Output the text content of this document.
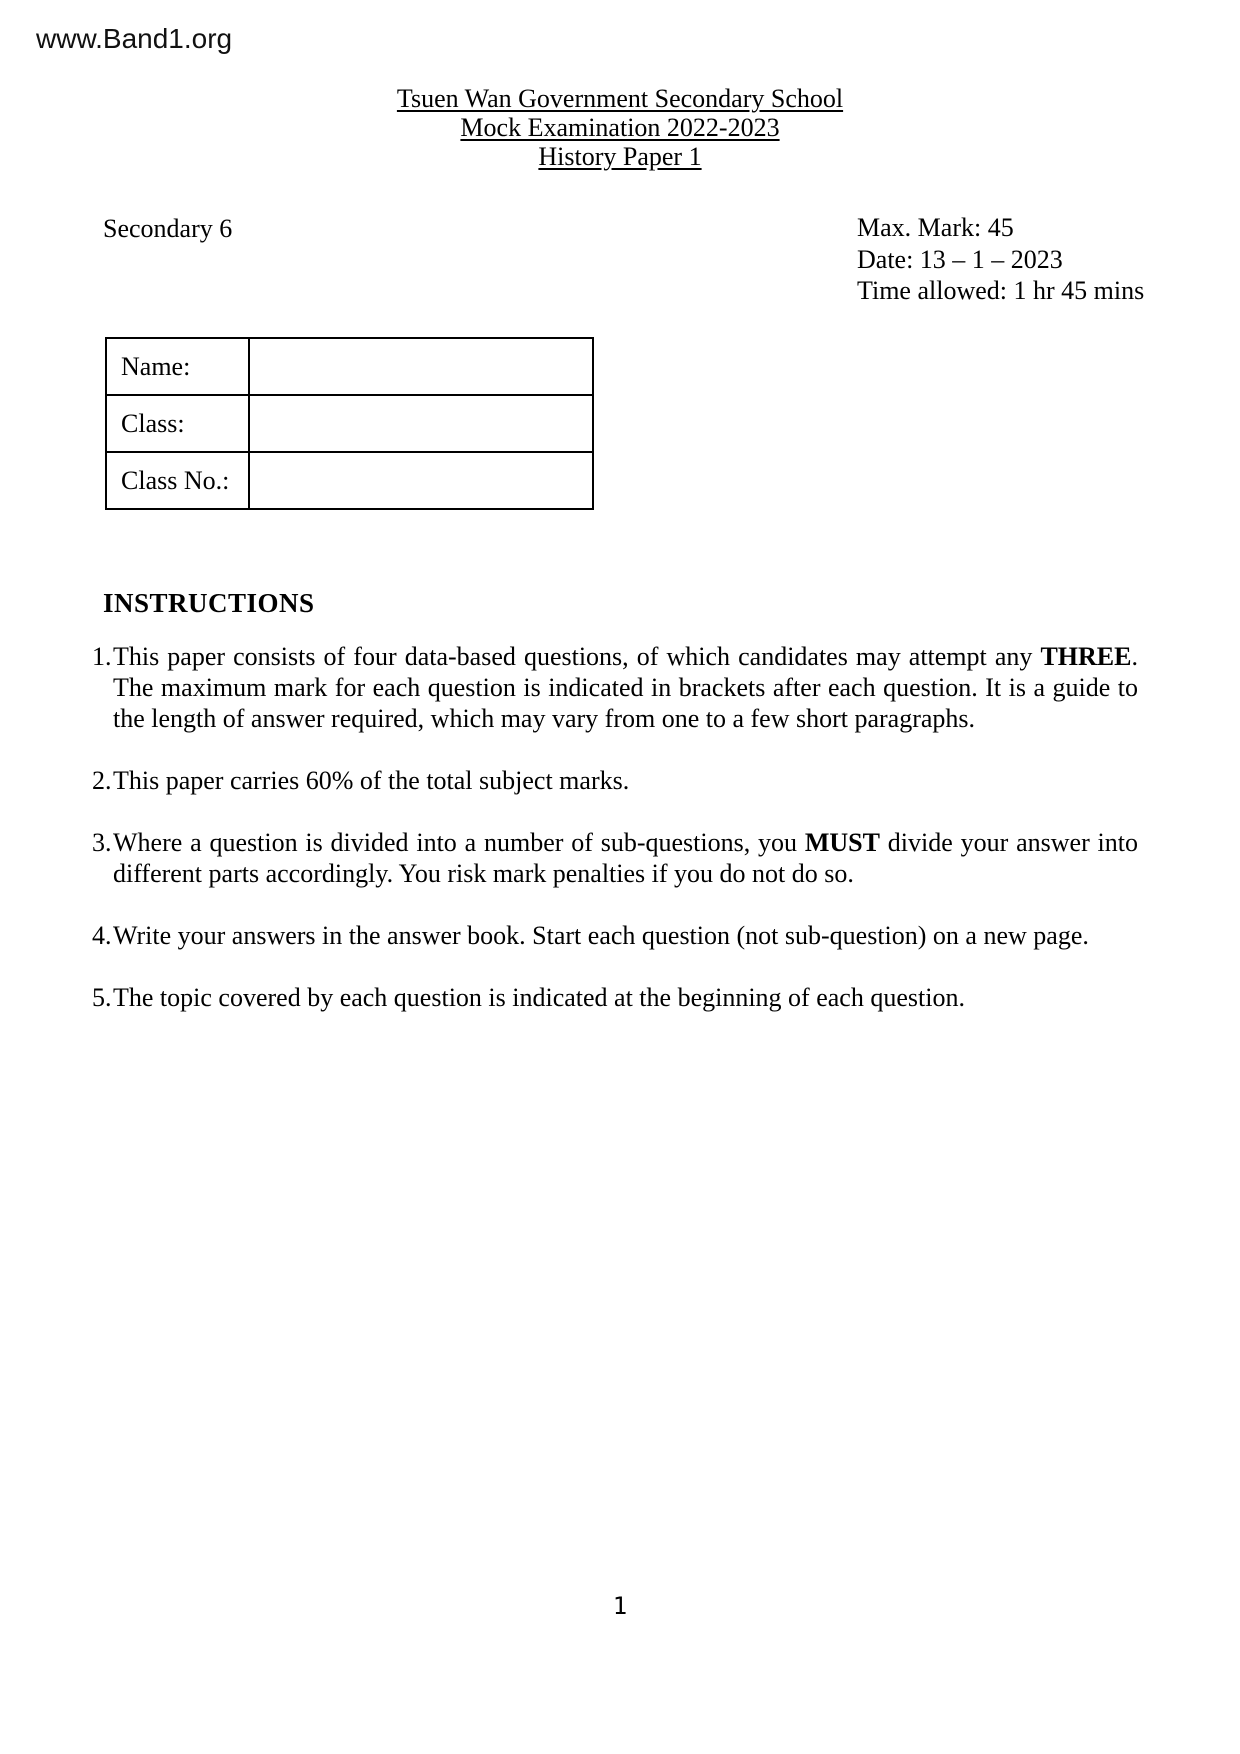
www.Band1.org
Tsuen Wan Government Secondary School
Mock Examination 2022-2023
History Paper 1
Secondary 6	Max. Mark: 45
Date: 13 – 1 – 2023
Time allowed: 1 hr 45 mins
Name:	
Class:	
Class No.:	
INSTRUCTIONS
1. This paper consists of four data-based questions, of which candidates may attempt any THREE. The maximum mark for each question is indicated in brackets after each question. It is a guide to the length of answer required, which may vary from one to a few short paragraphs.
2. This paper carries 60% of the total subject marks.
3. Where a question is divided into a number of sub-questions, you MUST divide your answer into different parts accordingly. You risk mark penalties if you do not do so.
4. Write your answers in the answer book. Start each question (not sub-question) on a new page.
5. The topic covered by each question is indicated at the beginning of each question.
1
